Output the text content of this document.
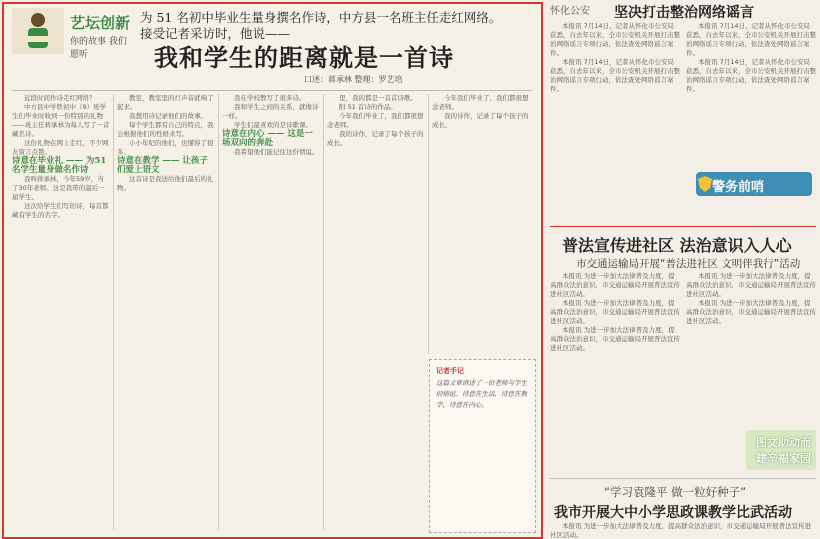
艺坛创新
你的故事 我们愿听
为 51 名初中毕业生量身撰名作诗，中方县一名班主任走红网络。
接受记者采访时，他说——
我和学生的距离就是一首诗
口述：蒋承林 整理：罗艺培

近段时间作诗走红网络？

中方县中学铁初中（9）班学生们毕业时收到一份特别的礼物——班主任蒋承林为每人写了一首藏名诗。

这份礼物在网上走红，不少网友留言点赞。

诗意在毕业礼 —— 为51名学生量身做名作诗

我叫蒋承林，今年59岁，当了30年老师。这是我带的最后一届学生。

这次给学生们写的诗，每首都藏有学生的名字。

教室，教室里的灯声音就响了起来。

我想用诗记录他们的故事。

每个学生都有自己的特点，我会根据他们的性格来写。

小小年纪的他们，也懂得了很多。

诗意在教学 —— 让孩子们爱上语文

这首诗是我送给他们最后的礼物。

我在学校教写了很多诗。

我和学生之间的关系，就像诗一样。

学生们最喜欢的是诗歌课。

诗意在内心 —— 这是一场双向的奔赴

我希望他们能记住这份情谊。

里，我的都是一首首诗歌。

附 51 首诗的作品。

今年我们毕业了，我们都很想念老师。

我的诗作，记录了每个孩子的成长。

今年我们毕业了，我们都很想念老师。

我的诗作，记录了每个孩子的成长。

记者手记
这篇文章讲述了一位老师与学生的情谊。诗意在生活，诗意在教学，诗意在内心。
怀化公安 坚决打击整治网络谣言

本报讯 7月14日，记者从怀化市公安局获悉，自去年以来，全市公安机关开展打击整治网络谣言专项行动，依法查处网络谣言案件。

本报讯 7月14日，记者从怀化市公安局获悉，自去年以来，全市公安机关开展打击整治网络谣言专项行动，依法查处网络谣言案件。

本报讯 7月14日，记者从怀化市公安局获悉，自去年以来，全市公安机关开展打击整治网络谣言专项行动，依法查处网络谣言案件。

本报讯 7月14日，记者从怀化市公安局获悉，自去年以来，全市公安机关开展打击整治网络谣言专项行动，依法查处网络谣言案件。

警务前哨
普法宣传进社区 法治意识入人心
市交通运输局开展“普法进社区 文明伴我行”活动

本报讯 为进一步加大法律普及力度，提高群众法治意识，市交通运输局开展普法宣传进社区活动。

本报讯 为进一步加大法律普及力度，提高群众法治意识，市交通运输局开展普法宣传进社区活动。

本报讯 为进一步加大法律普及力度，提高群众法治意识，市交通运输局开展普法宣传进社区活动。

本报讯 为进一步加大法律普及力度，提高群众法治意识，市交通运输局开展普法宣传进社区活动。

本报讯 为进一步加大法律普及力度，提高群众法治意识，市交通运输局开展普法宣传进社区活动。

图文助动而
建辛福家园
“学习袁隆平 做一粒好种子”
我市开展大中小学思政课教学比武活动

本报讯 为进一步加大法律普及力度，提高群众法治意识，市交通运输局开展普法宣传进社区活动。
